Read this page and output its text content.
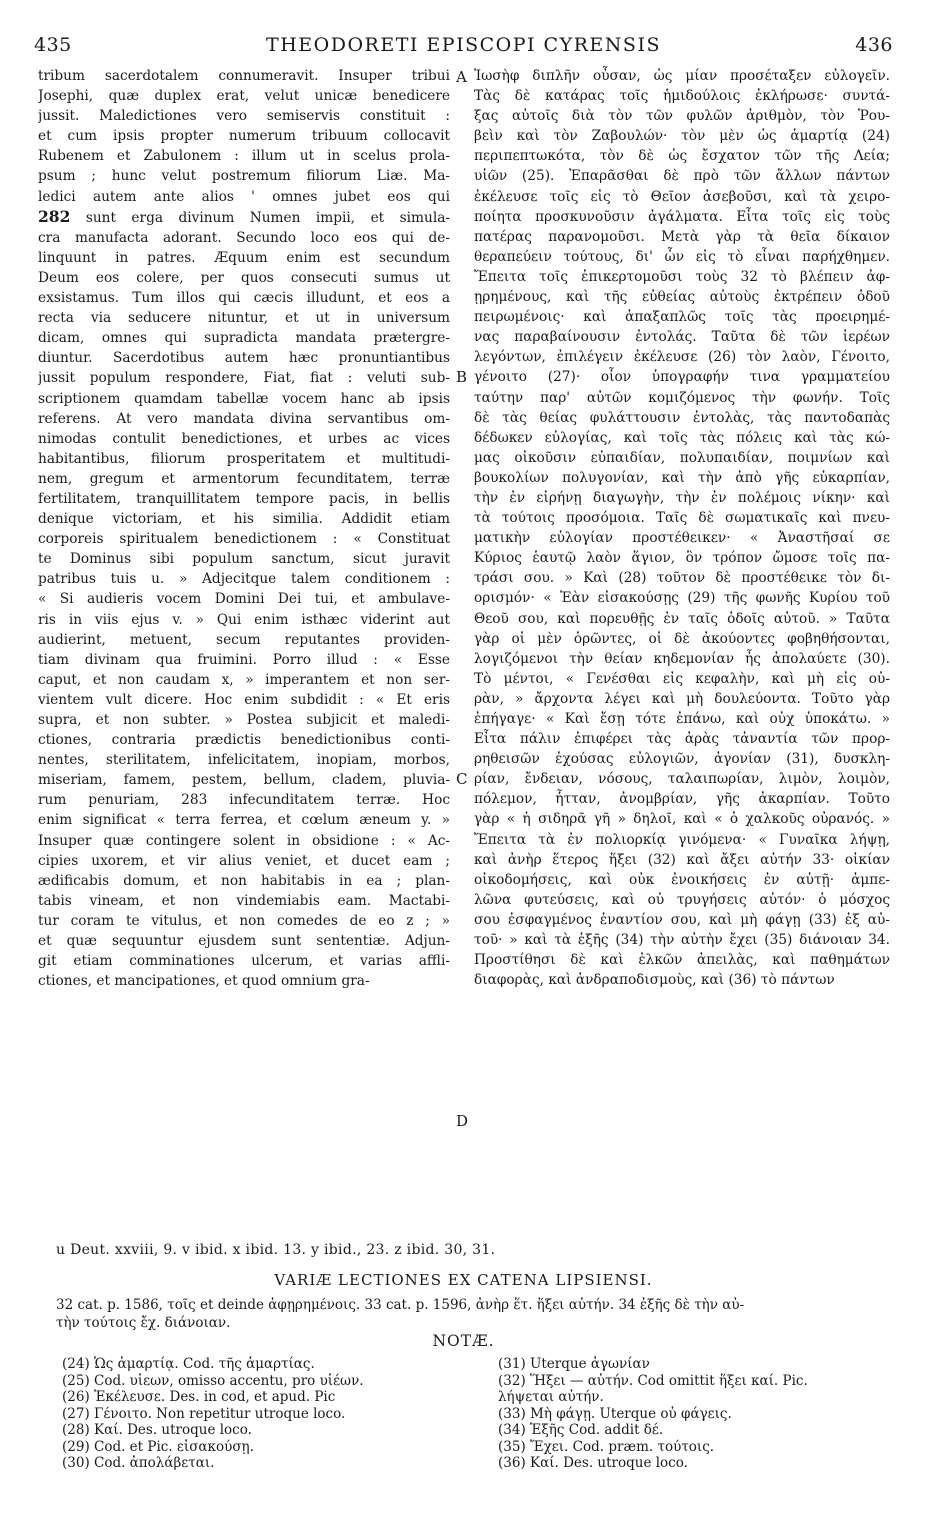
435	THEODORETI EPISCOPI CYRENSIS	436

tribum sacerdotalem connumeravit. Insuper tribui

Josephi, quæ duplex erat, velut unicæ benedicere

jussit. Maledictiones vero semiservis constituit :

et cum ipsis propter numerum tribuum collocavit

Rubenem et Zabulonem : illum ut in scelus prola-

psum ; hunc velut postremum filiorum Liæ. Ma-

ledici autem ante alios ' omnes jubet eos qui

282 sunt erga divinum Numen impii, et simula-

cra manufacta adorant. Secundo loco eos qui de-

linquunt in patres. Æquum enim est secundum

Deum eos colere, per quos consecuti sumus ut

exsistamus. Tum illos qui cæcis illudunt, et eos a

recta via seducere nituntur, et ut in universum

dicam, omnes qui supradicta mandata prætergre-

diuntur. Sacerdotibus autem hæc pronuntiantibus

jussit populum respondere, Fiat, fiat : veluti sub-

scriptionem quamdam tabellæ vocem hanc ab ipsis

referens. At vero mandata divina servantibus om-

nimodas contulit benedictiones, et urbes ac vices

habitantibus, filiorum prosperitatem et multitudi-

nem, gregum et armentorum fecunditatem, terræ

fertilitatem, tranquillitatem tempore pacis, in bellis

denique victoriam, et his similia. Addidit etiam

corporeis spiritualem benedictionem : « Constituat

te Dominus sibi populum sanctum, sicut juravit

patribus tuis u. » Adjecitque talem conditionem :

« Si audieris vocem Domini Dei tui, et ambulave-

ris in viis ejus v. » Qui enim isthæc viderint aut

audierint, metuent, secum reputantes providen-

tiam divinam qua fruimini. Porro illud : « Esse

caput, et non caudam x, » imperantem et non ser-

vientem vult dicere. Hoc enim subdidit : « Et eris

supra, et non subter. » Postea subjicit et maledi-

ctiones, contraria prædictis benedictionibus conti-

nentes, sterilitatem, infelicitatem, inopiam, morbos,

miseriam, famem, pestem, bellum, cladem, pluvia-

rum penuriam, 283 infecunditatem terræ. Hoc

enim significat « terra ferrea, et cœlum æneum y. »

Insuper quæ contingere solent in obsidione : « Ac-

cipies uxorem, et vir alius veniet, et ducet eam ;

ædificabis domum, et non habitabis in ea ; plan-

tabis vineam, et non vindemiabis eam. Mactabi-

tur coram te vitulus, et non comedes de eo z ; »

et quæ sequuntur ejusdem sunt sententiæ. Adjun-

git etiam comminationes ulcerum, et varias affli-

ctiones, et mancipationes, et quod omnium gra-

Ἰωσὴφ διπλῆν οὖσαν, ὡς μίαν προσέταξεν εὐλογεῖν.

Τὰς δὲ κατάρας τοῖς ἡμιδούλοις ἐκλήρωσε· συντά-

ξας αὐτοῖς διὰ τὸν τῶν φυλῶν ἀριθμὸν, τὸν Ῥου-

βεὶν καὶ τὸν Ζαβουλών· τὸν μὲν ὡς ἁμαρτίᾳ (24)

περιπεπτωκότα, τὸν δὲ ὡς ἔσχατον τῶν τῆς Λεία;

υἱῶν (25). Ἐπαρᾶσθαι δὲ πρὸ τῶν ἄλλων πάντων

ἐκέλευσε τοῖς εἰς τὸ Θεῖον ἀσεβοῦσι, καὶ τὰ χειρο-

ποίητα προσκυνοῦσιν ἀγάλματα. Εἶτα τοῖς εἰς τοὺς

πατέρας παρανομοῦσι. Μετὰ γὰρ τὰ θεῖα δίκαιον

θεραπεύειν τούτους, δι' ὧν εἰς τὸ εἶναι παρήχθημεν.

Ἔπειτα τοῖς ἐπικερτομοῦσι τοὺς 32 τὸ βλέπειν ἀφ-

ῃρημένους, καὶ τῆς εὐθείας αὐτοὺς ἐκτρέπειν ὁδοῦ

πειρωμένοις· καὶ ἁπαξαπλῶς τοῖς τὰς προειρημέ-

νας παραβαίνουσιν ἐντολάς. Ταῦτα δὲ τῶν ἱερέων

λεγόντων, ἐπιλέγειν ἐκέλευσε (26) τὸν λαὸν, Γένοιτο,

γένοιτο (27)· οἷον ὑπογραφήν τινα γραμματείου

ταύτην παρ' αὐτῶν κομιζόμενος τὴν φωνήν. Τοῖς

δὲ τὰς θείας φυλάττουσιν ἐντολὰς, τὰς παντοδαπὰς

δέδωκεν εὐλογίας, καὶ τοῖς τὰς πόλεις καὶ τὰς κώ-

μας οἰκοῦσιν εὐπαιδίαν, πολυπαιδίαν, ποιμνίων καὶ

βουκολίων πολυγονίαν, καὶ τὴν ἀπὸ γῆς εὐκαρπίαν,

τὴν ἐν εἰρήνῃ διαγωγὴν, τὴν ἐν πολέμοις νίκην· καὶ

τὰ τούτοις προσόμοια. Ταῖς δὲ σωματικαῖς καὶ πνευ-

ματικὴν εὐλογίαν προστέθεικεν· « Ἀναστῆσαί σε

Κύριος ἑαυτῷ λαὸν ἅγιον, ὃν τρόπον ὤμοσε τοῖς πα-

τράσι σου. » Καὶ (28) τοῦτον δὲ προστέθεικε τὸν δι-

ορισμόν· « Ἐὰν εἰσακούσῃς (29) τῆς φωνῆς Κυρίου τοῦ

Θεοῦ σου, καὶ πορευθῇς ἐν ταῖς ὁδοῖς αὐτοῦ. » Ταῦτα

γὰρ οἱ μὲν ὁρῶντες, οἱ δὲ ἀκούοντες φοβηθήσονται,

λογιζόμενοι τὴν θείαν κηδεμονίαν ἧς ἀπολαύετε (30).

Τὸ μέντοι, « Γενέσθαι εἰς κεφαλὴν, καὶ μὴ εἰς οὐ-

ρὰν, » ἄρχοντα λέγει καὶ μὴ δουλεύοντα. Τοῦτο γὰρ

ἐπήγαγε· « Καὶ ἔσῃ τότε ἐπάνω, καὶ οὐχ ὑποκάτω. »

Εἶτα πάλιν ἐπιφέρει τὰς ἀρὰς τἀναντία τῶν προρ-

ρηθεισῶν ἐχούσας εὐλογιῶν, ἀγονίαν (31), δυσκλη-

ρίαν, ἔνδειαν, νόσους, ταλαιπωρίαν, λιμὸν, λοιμὸν,

πόλεμον, ἧτταν, ἀνομβρίαν, γῆς ἀκαρπίαν. Τοῦτο

γὰρ « ἡ σιδηρᾶ γῆ » δηλοῖ, καὶ « ὁ χαλκοῦς οὐρανός. »

Ἔπειτα τὰ ἐν πολιορκίᾳ γινόμενα· « Γυναῖκα λήψῃ,

καὶ ἀνὴρ ἕτερος ἥξει (32) καὶ ἄξει αὐτήν 33· οἰκίαν

οἰκοδομήσεις, καὶ οὐκ ἐνοικήσεις ἐν αὐτῇ· ἀμπε-

λῶνα φυτεύσεις, καὶ οὐ τρυγήσεις αὐτόν· ὁ μόσχος

σου ἐσφαγμένος ἐναντίον σου, καὶ μὴ φάγῃ (33) ἐξ αὐ-

τοῦ· » καὶ τὰ ἑξῆς (34) τὴν αὐτὴν ἔχει (35) διάνοιαν 34.

Προστίθησι δὲ καὶ ἑλκῶν ἀπειλὰς, καὶ παθημάτων

διαφορὰς, καὶ ἀνδραποδισμοὺς, καὶ (36) τὸ πάντων

A
B
C
D
u Deut. xxviii, 9. v ibid. x ibid. 13. y ibid., 23. z ibid. 30, 31.
VARIÆ LECTIONES EX CATENA LIPSIENSI.
32 cat. p. 1586, τοῖς et deinde ἀφῃρημένοις. 33 cat. p. 1596, ἀνὴρ ἕτ. ἥξει αὐτήν. 34 ἐξῆς δὲ τὴν αὐ-
τὴν τούτοις ἔχ. διάνοιαν.
NOTÆ.
(24) Ὡς ἁμαρτίᾳ. Cod. τῆς ἁμαρτίας.
(25) Cod. υἱεων, omisso accentu, pro υἱέων.
(26) Ἐκέλευσε. Des. in cod, et apud. Pic
(27) Γένοιτο. Non repetitur utroque loco.
(28) Καί. Des. utroque loco.
(29) Cod. et Pic. εἰσακούσῃ.
(30) Cod. ἀπολάβεται.
(31) Uterque ἀγωνίαν
(32) Ἥξει — αὐτήν. Cod omittit ἥξει καί. Pic.
λήψεται αὐτήν.
(33) Μὴ φάγῃ. Uterque οὐ φάγεις.
(34) Ἑξῆς Cod. addit δέ.
(35) Ἔχει. Cod. præm. τούτοις.
(36) Καί. Des. utroque loco.
